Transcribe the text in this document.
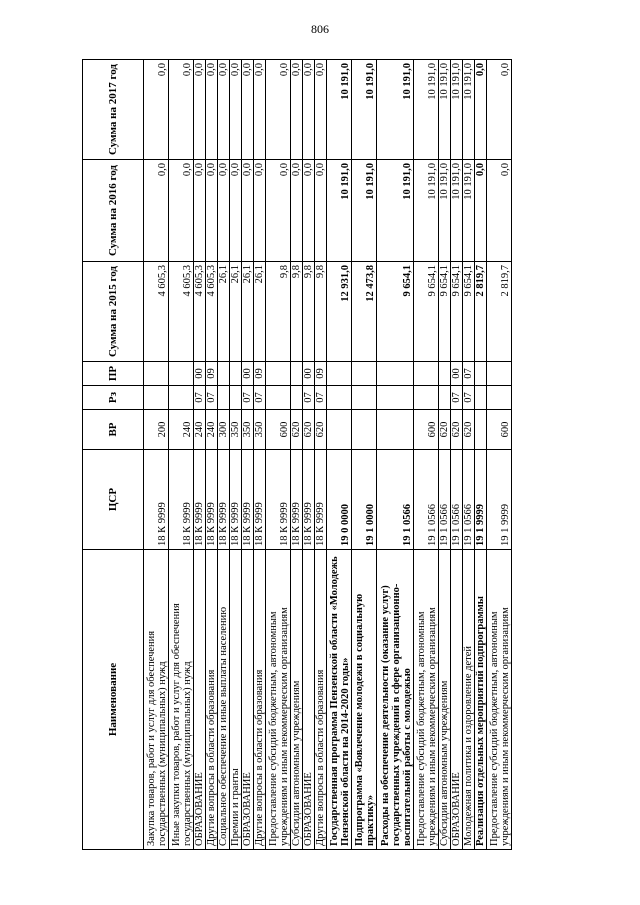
806
Наименование	ЦСР	ВР	Рз	ПР	Сумма на 2015 год	Сумма на 2016 год	Сумма на 2017 год
Закупка товаров, работ и услуг для обеспечения государственных (муниципальных) нужд	18 К 9999	200			4 605,3	0,0	0,0
Иные закупки товаров, работ и услуг для обеспечения государственных (муниципальных) нужд	18 К 9999	240			4 605,3	0,0	0,0
ОБРАЗОВАНИЕ	18 К 9999	240	07	00	4 605,3	0,0	0,0
Другие вопросы в области образования	18 К 9999	240	07	09	4 605,3	0,0	0,0
Социальное обеспечение и иные выплаты населению	18 К 9999	300			26,1	0,0	0,0
Премии и гранты	18 К 9999	350			26,1	0,0	0,0
ОБРАЗОВАНИЕ	18 К 9999	350	07	00	26,1	0,0	0,0
Другие вопросы в области образования	18 К 9999	350	07	09	26,1	0,0	0,0
Предоставление субсидий бюджетным, автономным учреждениям и иным некоммерческим организациям	18 К 9999	600			9,8	0,0	0,0
Субсидии автономным учреждениям	18 К 9999	620			9,8	0,0	0,0
ОБРАЗОВАНИЕ	18 К 9999	620	07	00	9,8	0,0	0,0
Другие вопросы в области образования	18 К 9999	620	07	09	9,8	0,0	0,0
Государственная программа Пензенской области «Молодежь Пензенской области на 2014-2020 годы»	19 0 0000				12 931,0	10 191,0	10 191,0
Подпрограмма «Вовлечение молодежи в социальную практику»	19 1 0000				12 473,8	10 191,0	10 191,0
Расходы на обеспечение деятельности (оказание услуг) государственных учреждений в сфере организационно-воспитательной работы с молодежью	19 1 0566				9 654,1	10 191,0	10 191,0
Предоставление субсидий бюджетным, автономным учреждениям и иным некоммерческим организациям	19 1 0566	600			9 654,1	10 191,0	10 191,0
Субсидии автономным учреждениям	19 1 0566	620			9 654,1	10 191,0	10 191,0
ОБРАЗОВАНИЕ	19 1 0566	620	07	00	9 654,1	10 191,0	10 191,0
Молодежная политика и оздоровление детей	19 1 0566	620	07	07	9 654,1	10 191,0	10 191,0
Реализация отдельных мероприятий подпрограммы	19 1 9999				2 819,7	0,0	0,0
Предоставление субсидий бюджетным, автономным учреждениям и иным некоммерческим организациям	19 1 9999	600			2 819,7	0,0	0,0
